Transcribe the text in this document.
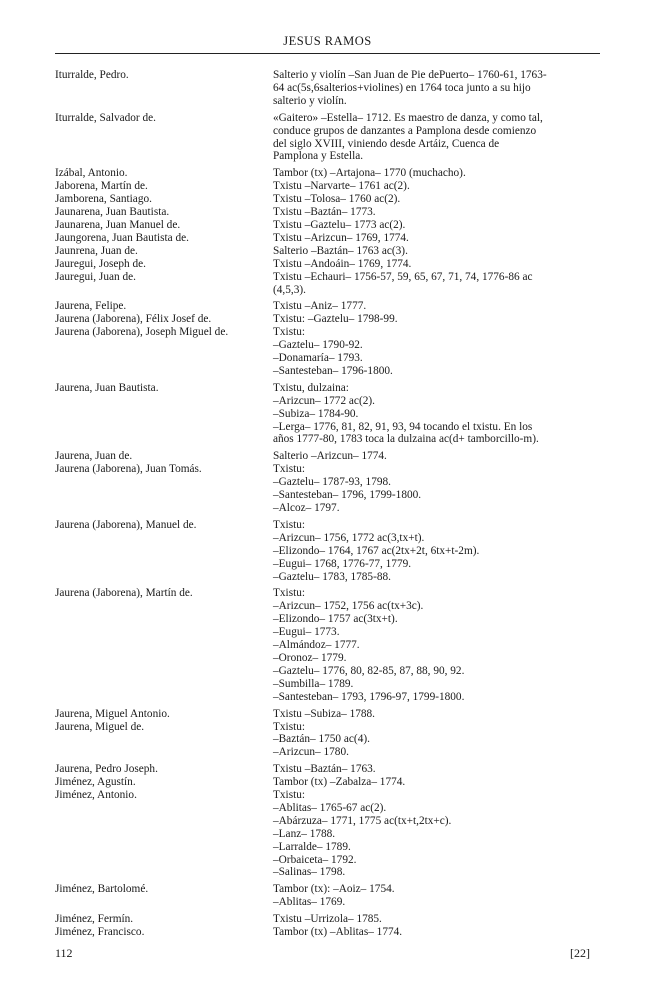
JESUS RAMOS
Iturralde, Pedro.	Salterio y violín –San Juan de Pie dePuerto– 1760-61, 1763-
64 ac(5s,6salterios+violines) en 1764 toca junto a su hijo
salterio y violín.
Iturralde, Salvador de.	«Gaitero» –Estella– 1712. Es maestro de danza, y como tal,
conduce grupos de danzantes a Pamplona desde comienzo
del siglo XVIII, viniendo desde Artáiz, Cuenca de
Pamplona y Estella.
Izábal, Antonio.	Tambor (tx) –Artajona– 1770 (muchacho).
Jaborena, Martín de.	Txistu –Narvarte– 1761 ac(2).
Jamborena, Santiago.	Txistu –Tolosa– 1760 ac(2).
Jaunarena, Juan Bautista.	Txistu –Baztán– 1773.
Jaunarena, Juan Manuel de.	Txistu –Gaztelu– 1773 ac(2).
Jaungorena, Juan Bautista de.	Txistu –Arizcun– 1769, 1774.
Jaunrena, Juan de.	Salterio –Baztán– 1763 ac(3).
Jauregui, Joseph de.	Txistu –Andoáin– 1769, 1774.
Jauregui, Juan de.	Txistu –Echauri– 1756-57, 59, 65, 67, 71, 74, 1776-86 ac
(4,5,3).
Jaurena, Felipe.	Txistu –Aniz– 1777.
Jaurena (Jaborena), Félix Josef de.	Txistu: –Gaztelu– 1798-99.
Jaurena (Jaborena), Joseph Miguel de.	Txistu:
–Gaztelu– 1790-92.
–Donamaría– 1793.
–Santesteban– 1796-1800.
Jaurena, Juan Bautista.	Txistu, dulzaina:
–Arizcun– 1772 ac(2).
–Subiza– 1784-90.
–Lerga– 1776, 81, 82, 91, 93, 94 tocando el txistu. En los
años 1777-80, 1783 toca la dulzaina ac(d+ tamborcillo-m).
Jaurena, Juan de.	Salterio –Arizcun– 1774.
Jaurena (Jaborena), Juan Tomás.	Txistu:
–Gaztelu– 1787-93, 1798.
–Santesteban– 1796, 1799-1800.
–Alcoz– 1797.
Jaurena (Jaborena), Manuel de.	Txistu:
–Arizcun– 1756, 1772 ac(3,tx+t).
–Elizondo– 1764, 1767 ac(2tx+2t, 6tx+t-2m).
–Eugui– 1768, 1776-77, 1779.
–Gaztelu– 1783, 1785-88.
Jaurena (Jaborena), Martín de.	Txistu:
–Arizcun– 1752, 1756 ac(tx+3c).
–Elizondo– 1757 ac(3tx+t).
–Eugui– 1773.
–Almándoz– 1777.
–Oronoz– 1779.
–Gaztelu– 1776, 80, 82-85, 87, 88, 90, 92.
–Sumbilla– 1789.
–Santesteban– 1793, 1796-97, 1799-1800.
Jaurena, Miguel Antonio.	Txistu –Subiza– 1788.
Jaurena, Miguel de.	Txistu:
–Baztán– 1750 ac(4).
–Arizcun– 1780.
Jaurena, Pedro Joseph.	Txistu –Baztán– 1763.
Jiménez, Agustín.	Tambor (tx) –Zabalza– 1774.
Jiménez, Antonio.	Txistu:
–Ablitas– 1765-67 ac(2).
–Abárzuza– 1771, 1775 ac(tx+t,2tx+c).
–Lanz– 1788.
–Larralde– 1789.
–Orbaiceta– 1792.
–Salinas– 1798.
Jiménez, Bartolomé.	Tambor (tx): –Aoiz– 1754.
–Ablitas– 1769.
Jiménez, Fermín.	Txistu –Urrizola– 1785.
Jiménez, Francisco.	Tambor (tx) –Ablitas– 1774.
112	[22]
